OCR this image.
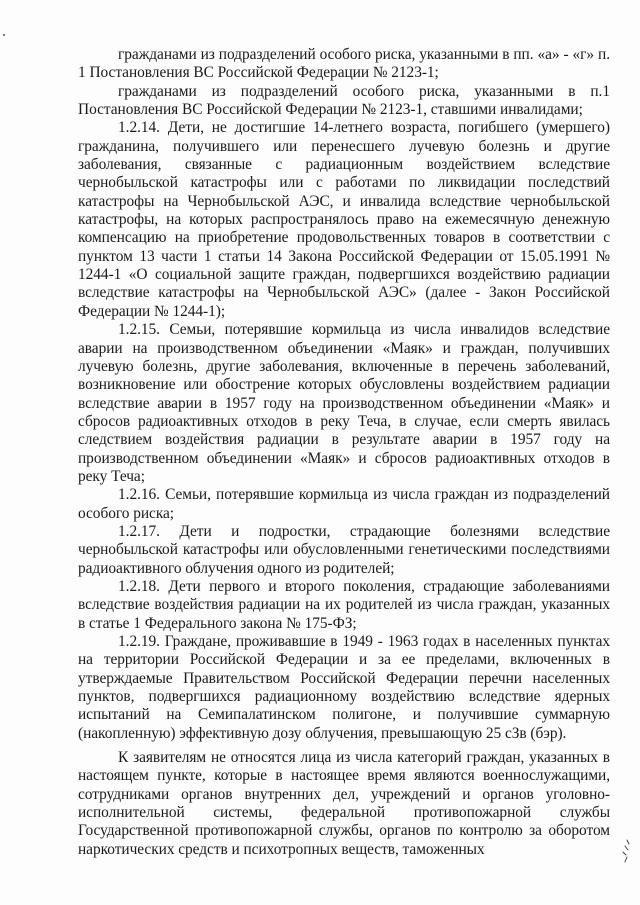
гражданами из подразделений особого риска, указанными в пп. «а» - «г» п. 1 Постановления ВС Российской Федерации № 2123-1;

гражданами из подразделений особого риска, указанными в п.1 Постановления ВС Российской Федерации № 2123-1, ставшими инвалидами;

1.2.14. Дети, не достигшие 14-летнего возраста, погибшего (умершего) гражданина, получившего или перенесшего лучевую болезнь и другие заболевания, связанные с радиационным воздействием вследствие чернобыльской катастрофы или с работами по ликвидации последствий катастрофы на Чернобыльской АЭС, и инвалида вследствие чернобыльской катастрофы, на которых распространялось право на ежемесячную денежную компенсацию на приобретение продовольственных товаров в соответствии с пунктом 13 части 1 статьи 14 Закона Российской Федерации от 15.05.1991 № 1244-1 «О социальной защите граждан, подвергшихся воздействию радиации вследствие катастрофы на Чернобыльской АЭС» (далее - Закон Российской Федерации № 1244-1);

1.2.15. Семьи, потерявшие кормильца из числа инвалидов вследствие аварии на производственном объединении «Маяк» и граждан, получивших лучевую болезнь, другие заболевания, включенные в перечень заболеваний, возникновение или обострение которых обусловлены воздействием радиации вследствие аварии в 1957 году на производственном объединении «Маяк» и сбросов радиоактивных отходов в реку Теча, в случае, если смерть явилась следствием воздействия радиации в результате аварии в 1957 году на производственном объединении «Маяк» и сбросов радиоактивных отходов в реку Теча;

1.2.16. Семьи, потерявшие кормильца из числа граждан из подразделений особого риска;

1.2.17. Дети и подростки, страдающие болезнями вследствие чернобыльской катастрофы или обусловленными генетическими последствиями радиоактивного облучения одного из родителей;

1.2.18. Дети первого и второго поколения, страдающие заболеваниями вследствие воздействия радиации на их родителей из числа граждан, указанных в статье 1 Федерального закона № 175-ФЗ;

1.2.19. Граждане, проживавшие в 1949 - 1963 годах в населенных пунктах на территории Российской Федерации и за ее пределами, включенных в утверждаемые Правительством Российской Федерации перечни населенных пунктов, подвергшихся радиационному воздействию вследствие ядерных испытаний на Семипалатинском полигоне, и получившие суммарную (накопленную) эффективную дозу облучения, превышающую 25 сЗв (бэр).

К заявителям не относятся лица из числа категорий граждан, указанных в настоящем пункте, которые в настоящее время являются военнослужащими, сотрудниками органов внутренних дел, учреждений и органов уголовно-исполнительной системы, федеральной противопожарной службы Государственной противопожарной службы, органов по контролю за оборотом наркотических средств и психотропных веществ, таможенных
